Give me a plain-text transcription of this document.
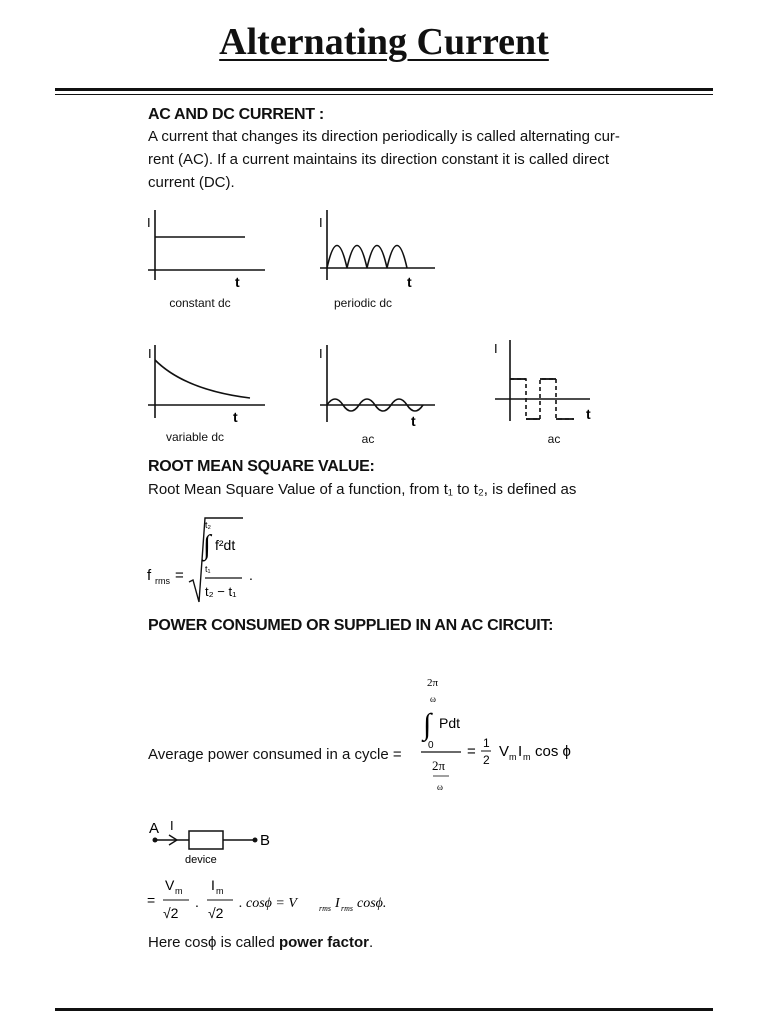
Alternating Current
AC AND DC CURRENT :
A current that changes its direction periodically is called alternating cur-
rent (AC). If a current maintains its direction constant it is called direct
current (DC).
I
t
constant dc
I
t
periodic dc
I
t
variable dc
I
t
ac
I
t
ac
ROOT MEAN SQUARE VALUE:
Root Mean Square Value of a function, from t₁ to t₂, is defined as
f rms =
∫
t₂
t₁
f²dt
t₂ − t₁
.
POWER CONSUMED OR SUPPLIED IN AN AC CIRCUIT:
Average power consumed in a cycle =
2π
ω
∫ Pdt
0
2π
ω
= 1
2 V m I m cos ϕ
A I
B
device
=
V m
√2
.
I m
√2
. cosϕ = V	rms I rms cosϕ.
Here cosϕ is called power factor.
